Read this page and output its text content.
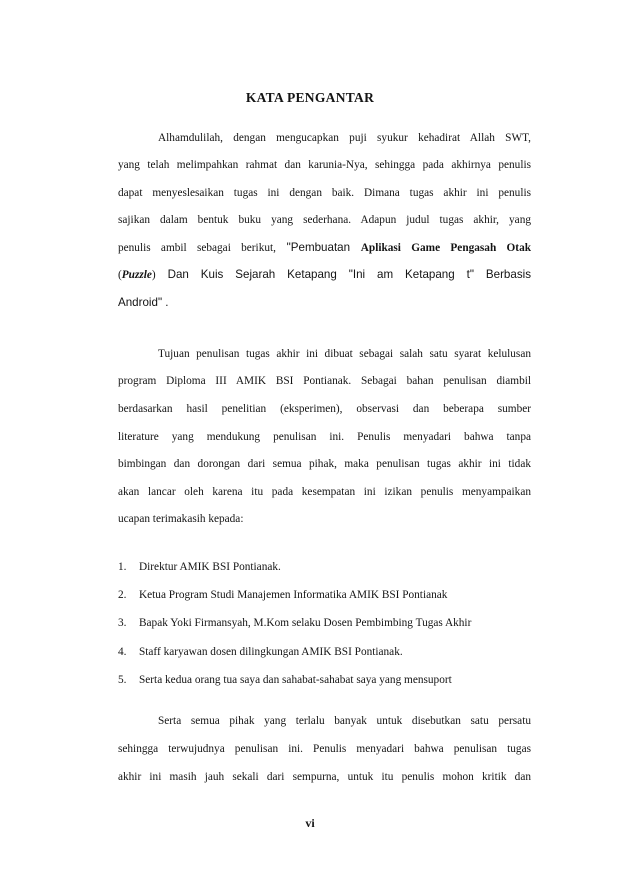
KATA PENGANTAR
Alhamdulilah, dengan mengucapkan puji syukur kehadirat Allah SWT,
yang telah melimpahkan rahmat dan karunia-Nya, sehingga pada akhirnya penulis
dapat menyeslesaikan tugas ini dengan baik. Dimana tugas akhir ini penulis
sajikan dalam bentuk buku yang sederhana. Adapun judul tugas akhir, yang
penulis ambil sebagai berikut, "Pembuatan Aplikasi Game Pengasah Otak
(Puzzle) Dan Kuis Sejarah Ketapang "Ini am Ketapang t" Berbasis
Android" .
Tujuan penulisan tugas akhir ini dibuat sebagai salah satu syarat kelulusan
program Diploma III AMIK BSI Pontianak. Sebagai bahan penulisan diambil
berdasarkan hasil penelitian (eksperimen), observasi dan beberapa sumber
literature yang mendukung penulisan ini. Penulis menyadari bahwa tanpa
bimbingan dan dorongan dari semua pihak, maka penulisan tugas akhir ini tidak
akan lancar oleh karena itu pada kesempatan ini izikan penulis menyampaikan
ucapan terimakasih kepada:
1. Direktur AMIK BSI Pontianak.
2. Ketua Program Studi Manajemen Informatika AMIK BSI Pontianak
3. Bapak Yoki Firmansyah, M.Kom selaku Dosen Pembimbing Tugas Akhir
4. Staff karyawan dosen dilingkungan AMIK BSI Pontianak.
5. Serta kedua orang tua saya dan sahabat-sahabat saya yang mensuport
Serta semua pihak yang terlalu banyak untuk disebutkan satu persatu
sehingga terwujudnya penulisan ini. Penulis menyadari bahwa penulisan tugas
akhir ini masih jauh sekali dari sempurna, untuk itu penulis mohon kritik dan
vi
